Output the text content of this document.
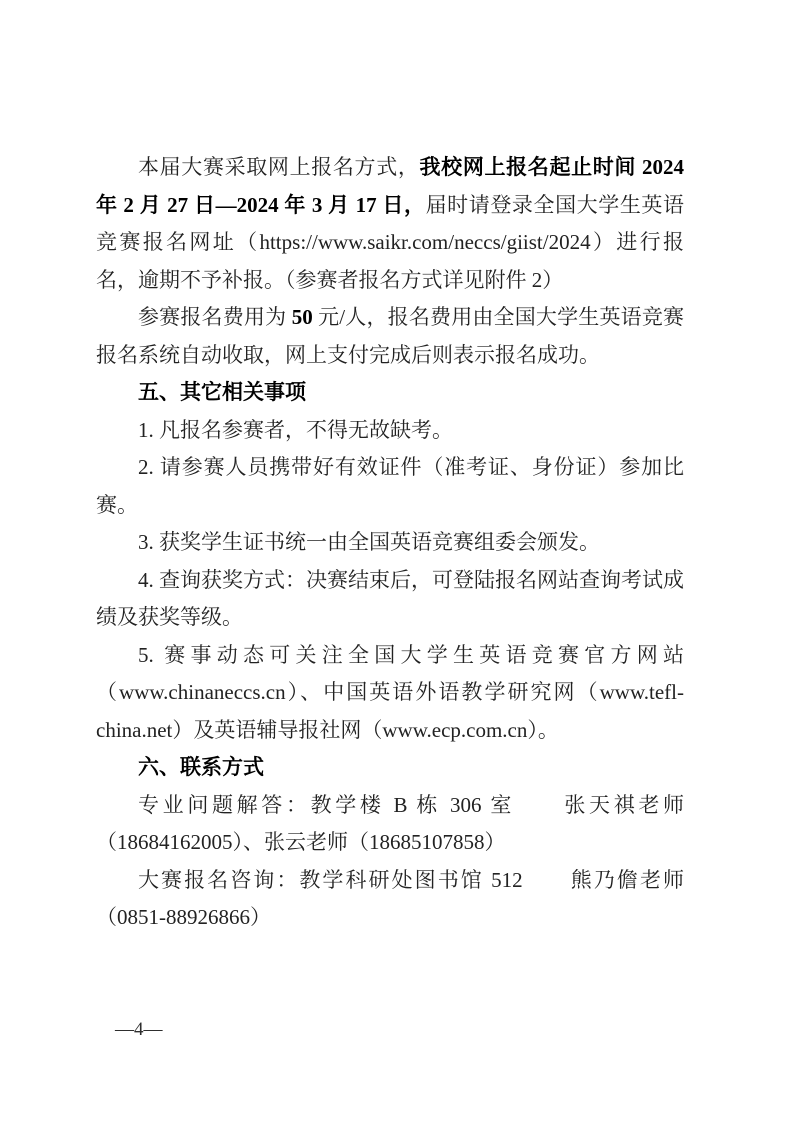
本届大赛采取网上报名方式，我校网上报名起止时间 2024 年 2 月 27 日—2024 年 3 月 17 日，届时请登录全国大学生英语竞赛报名网址（https://www.saikr.com/neccs/giist/2024）进行报名，逾期不予补报。（参赛者报名方式详见附件 2）

参赛报名费用为 50 元/人，报名费用由全国大学生英语竞赛报名系统自动收取，网上支付完成后则表示报名成功。

五、其它相关事项

1. 凡报名参赛者，不得无故缺考。

2. 请参赛人员携带好有效证件（准考证、身份证）参加比赛。

3. 获奖学生证书统一由全国英语竞赛组委会颁发。

4. 查询获奖方式：决赛结束后，可登陆报名网站查询考试成绩及获奖等级。

5. 赛事动态可关注全国大学生英语竞赛官方网站（www.chinaneccs.cn）、中国英语外语教学研究网（www.tefl-china.net）及英语辅导报社网（www.ecp.com.cn）。

六、联系方式

专业问题解答：教学楼 B 栋 306 室　　张天祺老师（18684162005）、张云老师（18685107858）

大赛报名咨询：教学科研处图书馆 512　　熊乃儋老师（0851-88926866）

—4—
